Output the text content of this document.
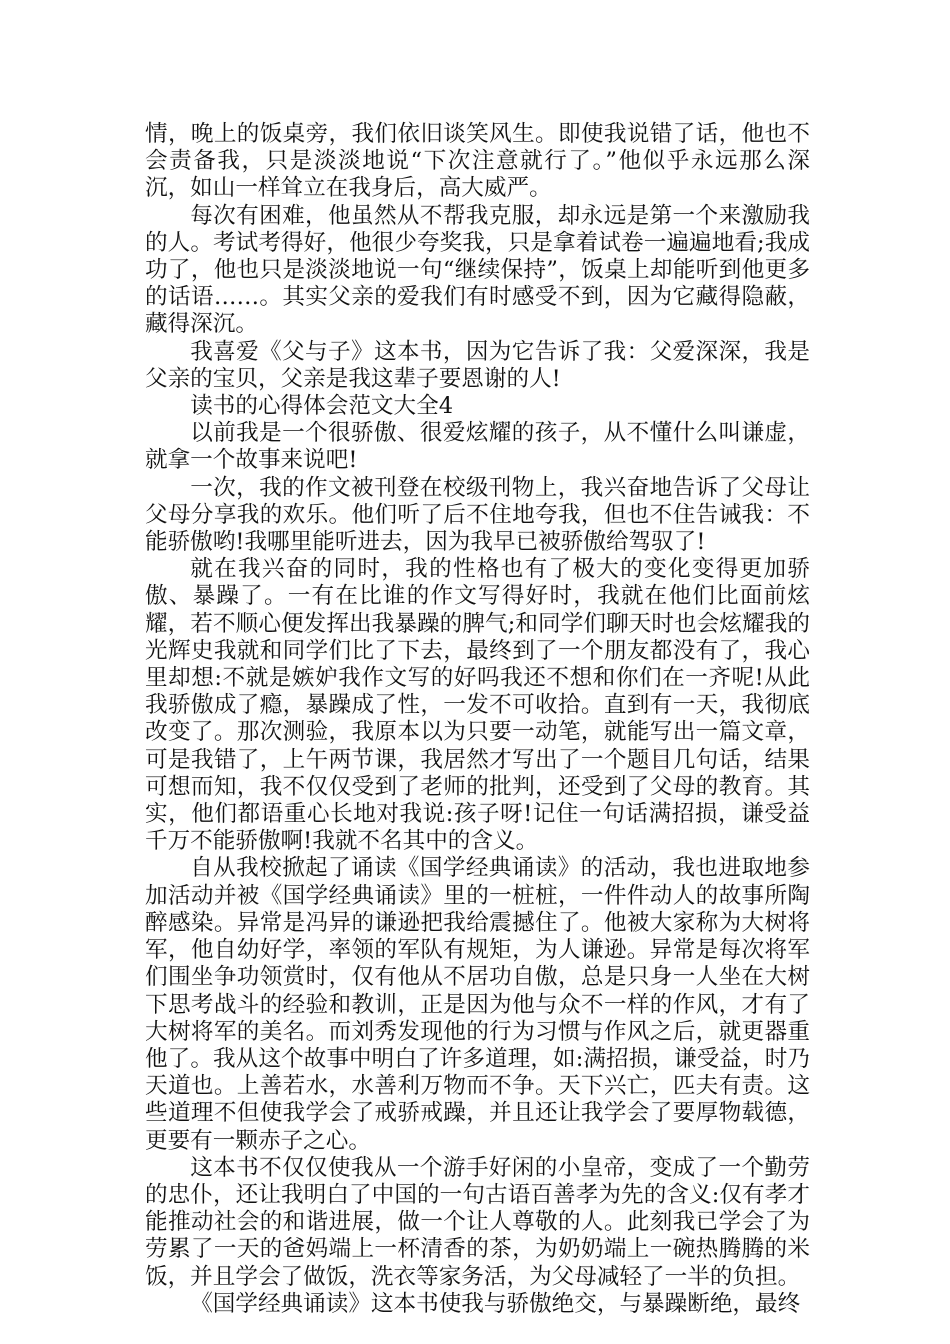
情，晚上的饭桌旁，我们依旧谈笑风生。即使我说错了话，他也不会责备我，只是淡淡地说“下次注意就行了。”他似乎永远那么深沉，如山一样耸立在我身后，高大威严。

每次有困难，他虽然从不帮我克服，却永远是第一个来激励我的人。考试考得好，他很少夸奖我，只是拿着试卷一遍遍地看;我成功了，他也只是淡淡地说一句“继续保持”，饭桌上却能听到他更多的话语……。其实父亲的爱我们有时感受不到，因为它藏得隐蔽，藏得深沉。

我喜爱《父与子》这本书，因为它告诉了我：父爱深深，我是父亲的宝贝，父亲是我这辈子要恩谢的人!

读书的心得体会范文大全4

以前我是一个很骄傲、很爱炫耀的孩子，从不懂什么叫谦虚，就拿一个故事来说吧!

一次，我的作文被刊登在校级刊物上，我兴奋地告诉了父母让父母分享我的欢乐。他们听了后不住地夸我，但也不住告诫我：不能骄傲哟!我哪里能听进去，因为我早已被骄傲给驾驭了!

就在我兴奋的同时，我的性格也有了极大的变化变得更加骄傲、暴躁了。一有在比谁的作文写得好时，我就在他们比面前炫耀，若不顺心便发挥出我暴躁的脾气;和同学们聊天时也会炫耀我的光辉史我就和同学们比了下去，最终到了一个朋友都没有了，我心里却想:不就是嫉妒我作文写的好吗我还不想和你们在一齐呢!从此我骄傲成了瘾，暴躁成了性，一发不可收拾。直到有一天，我彻底改变了。那次测验，我原本以为只要一动笔，就能写出一篇文章，可是我错了，上午两节课，我居然才写出了一个题目几句话，结果可想而知，我不仅仅受到了老师的批判，还受到了父母的教育。其实，他们都语重心长地对我说:孩子呀!记住一句话满招损，谦受益千万不能骄傲啊!我就不名其中的含义。

自从我校掀起了诵读《国学经典诵读》的活动，我也进取地参加活动并被《国学经典诵读》里的一桩桩，一件件动人的故事所陶醉感染。异常是冯异的谦逊把我给震撼住了。他被大家称为大树将军，他自幼好学，率领的军队有规矩，为人谦逊。异常是每次将军们围坐争功领赏时，仅有他从不居功自傲，总是只身一人坐在大树下思考战斗的经验和教训，正是因为他与众不一样的作风，才有了大树将军的美名。而刘秀发现他的行为习惯与作风之后，就更器重他了。我从这个故事中明白了许多道理，如:满招损，谦受益，时乃天道也。上善若水，水善利万物而不争。天下兴亡，匹夫有责。这些道理不但使我学会了戒骄戒躁，并且还让我学会了要厚物载德，更要有一颗赤子之心。

这本书不仅仅使我从一个游手好闲的小皇帝，变成了一个勤劳的忠仆，还让我明白了中国的一句古语百善孝为先的含义:仅有孝才能推动社会的和谐进展，做一个让人尊敬的人。此刻我已学会了为劳累了一天的爸妈端上一杯清香的茶，为奶奶端上一碗热腾腾的米饭，并且学会了做饭，洗衣等家务活，为父母减轻了一半的负担。

《国学经典诵读》这本书使我与骄傲绝交，与暴躁断绝，最终
